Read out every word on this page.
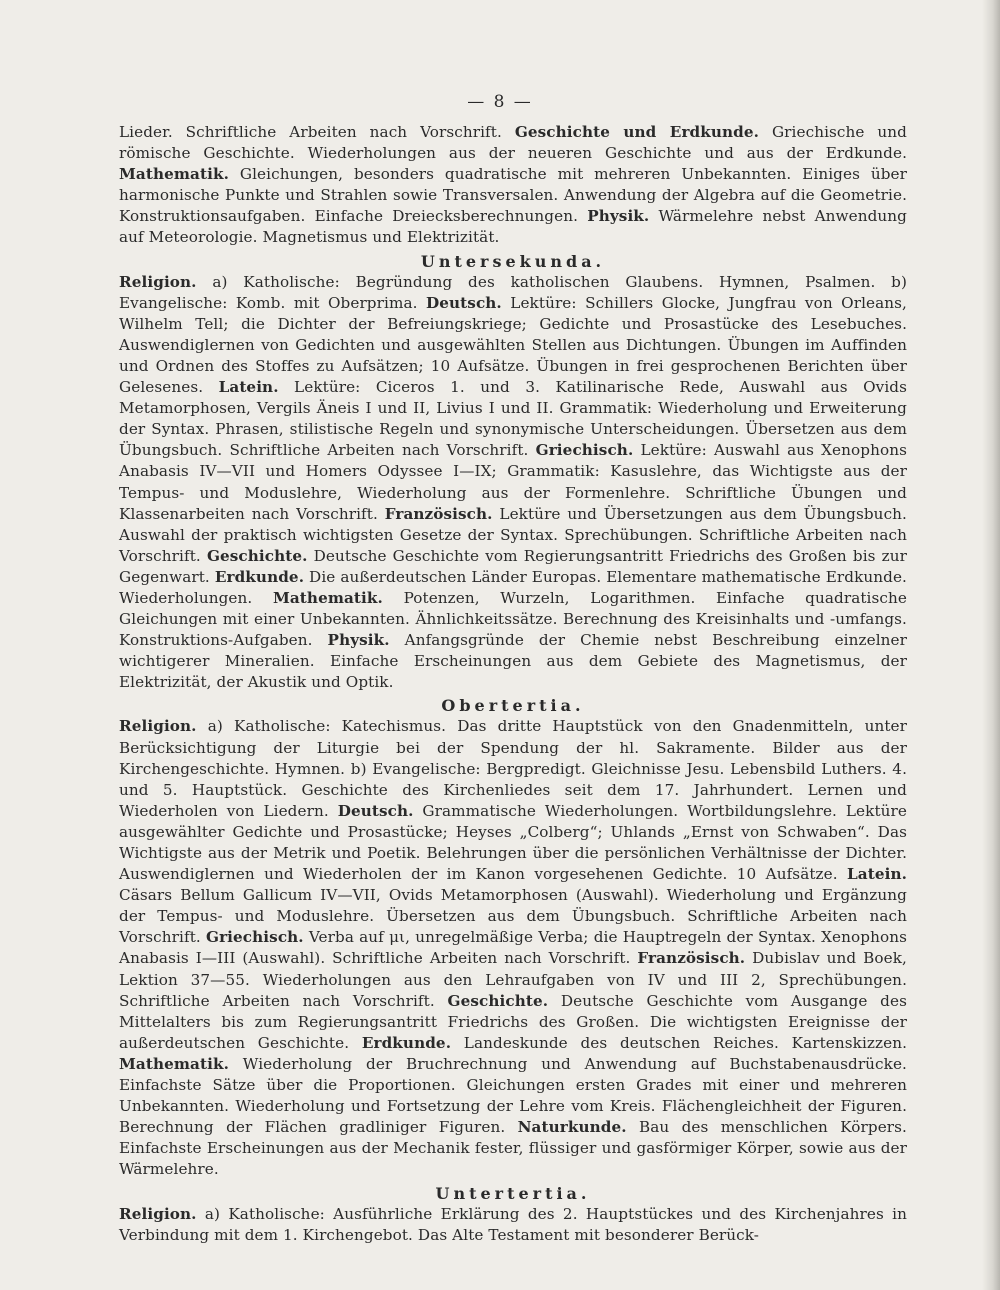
— 8 —

Lieder. Schriftliche Arbeiten nach Vorschrift. Geschichte und Erdkunde. Griechische und römische Geschichte. Wiederholungen aus der neueren Geschichte und aus der Erdkunde. Mathematik. Gleichungen, besonders quadratische mit mehreren Unbekannten. Einiges über harmonische Punkte und Strahlen sowie Transversalen. Anwendung der Algebra auf die Geometrie. Konstruktionsaufgaben. Einfache Dreiecksberechnungen. Physik. Wärmelehre nebst Anwendung auf Meteorologie. Magnetismus und Elektrizität.

Untersekunda.

Religion. a) Katholische: Begründung des katholischen Glaubens. Hymnen, Psalmen. b) Evangelische: Komb. mit Oberprima. Deutsch. Lektüre: Schillers Glocke, Jungfrau von Orleans, Wilhelm Tell; die Dichter der Befreiungskriege; Gedichte und Prosastücke des Lesebuches. Auswendiglernen von Gedichten und ausgewählten Stellen aus Dichtungen. Übungen im Auffinden und Ordnen des Stoffes zu Aufsätzen; 10 Aufsätze. Übungen in frei gesprochenen Berichten über Gelesenes. Latein. Lektüre: Ciceros 1. und 3. Katilinarische Rede, Auswahl aus Ovids Metamorphosen, Vergils Äneis I und II, Livius I und II. Grammatik: Wiederholung und Erweiterung der Syntax. Phrasen, stilistische Regeln und synonymische Unterscheidungen. Übersetzen aus dem Übungsbuch. Schriftliche Arbeiten nach Vorschrift. Griechisch. Lektüre: Auswahl aus Xenophons Anabasis IV—VII und Homers Odyssee I—IX; Grammatik: Kasuslehre, das Wichtigste aus der Tempus- und Moduslehre, Wiederholung aus der Formenlehre. Schriftliche Übungen und Klassenarbeiten nach Vorschrift. Französisch. Lektüre und Übersetzungen aus dem Übungsbuch. Auswahl der praktisch wichtigsten Gesetze der Syntax. Sprechübungen. Schriftliche Arbeiten nach Vorschrift. Geschichte. Deutsche Geschichte vom Regierungsantritt Friedrichs des Großen bis zur Gegenwart. Erdkunde. Die außerdeutschen Länder Europas. Elementare mathematische Erdkunde. Wiederholungen. Mathematik. Potenzen, Wurzeln, Logarithmen. Einfache quadratische Gleichungen mit einer Unbekannten. Ähnlichkeitssätze. Berechnung des Kreisinhalts und -umfangs. Konstruktions-Aufgaben. Physik. Anfangsgründe der Chemie nebst Beschreibung einzelner wichtigerer Mineralien. Einfache Erscheinungen aus dem Gebiete des Magnetismus, der Elektrizität, der Akustik und Optik.

Obertertia.

Religion. a) Katholische: Katechismus. Das dritte Hauptstück von den Gnadenmitteln, unter Berücksichtigung der Liturgie bei der Spendung der hl. Sakramente. Bilder aus der Kirchengeschichte. Hymnen. b) Evangelische: Bergpredigt. Gleichnisse Jesu. Lebensbild Luthers. 4. und 5. Hauptstück. Geschichte des Kirchenliedes seit dem 17. Jahrhundert. Lernen und Wiederholen von Liedern. Deutsch. Grammatische Wiederholungen. Wortbildungslehre. Lektüre ausgewählter Gedichte und Prosastücke; Heyses „Colberg“; Uhlands „Ernst von Schwaben“. Das Wichtigste aus der Metrik und Poetik. Belehrungen über die persönlichen Verhältnisse der Dichter. Auswendiglernen und Wiederholen der im Kanon vorgesehenen Gedichte. 10 Aufsätze. Latein. Cäsars Bellum Gallicum IV—VII, Ovids Metamorphosen (Auswahl). Wiederholung und Ergänzung der Tempus- und Moduslehre. Übersetzen aus dem Übungsbuch. Schriftliche Arbeiten nach Vorschrift. Griechisch. Verba auf μι, unregelmäßige Verba; die Hauptregeln der Syntax. Xenophons Anabasis I—III (Auswahl). Schriftliche Arbeiten nach Vorschrift. Französisch. Dubislav und Boek, Lektion 37—55. Wiederholungen aus den Lehraufgaben von IV und III 2, Sprechübungen. Schriftliche Arbeiten nach Vorschrift. Geschichte. Deutsche Geschichte vom Ausgange des Mittelalters bis zum Regierungsantritt Friedrichs des Großen. Die wichtigsten Ereignisse der außerdeutschen Geschichte. Erdkunde. Landeskunde des deutschen Reiches. Kartenskizzen. Mathematik. Wiederholung der Bruchrechnung und Anwendung auf Buchstabenausdrücke. Einfachste Sätze über die Proportionen. Gleichungen ersten Grades mit einer und mehreren Unbekannten. Wiederholung und Fortsetzung der Lehre vom Kreis. Flächengleichheit der Figuren. Berechnung der Flächen gradliniger Figuren. Naturkunde. Bau des menschlichen Körpers. Einfachste Erscheinungen aus der Mechanik fester, flüssiger und gasförmiger Körper, sowie aus der Wärmelehre.

Untertertia.

Religion. a) Katholische: Ausführliche Erklärung des 2. Hauptstückes und des Kirchenjahres in Verbindung mit dem 1. Kirchengebot. Das Alte Testament mit besonderer Berück-
